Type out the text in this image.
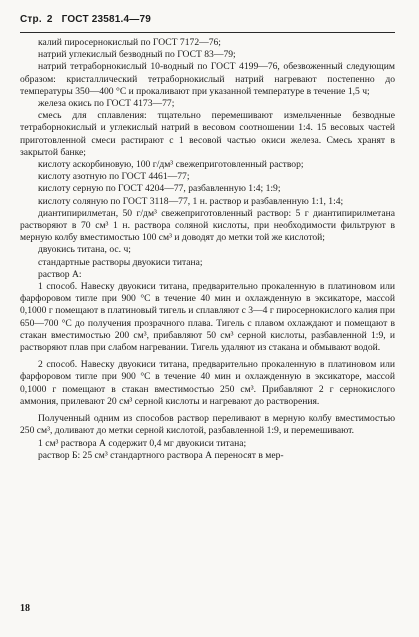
Стр. 2 ГОСТ 23581.4—79

калий пиросернокислый по ГОСТ 7172—76;

натрий углекислый безводный по ГОСТ 83—79;

натрий тетраборнокислый 10-водный по ГОСТ 4199—76, обезвоженный следующим образом: кристаллический тетраборнокислый натрий нагревают постепенно до температуры 350—400 °C и прокаливают при указанной температуре в течение 1,5 ч;

железа окись по ГОСТ 4173—77;

смесь для сплавления: тщательно перемешивают измельченные безводные тетраборнокислый и углекислый натрий в весовом соотношении 1:4. 15 весовых частей приготовленной смеси растирают с 1 весовой частью окиси железа. Смесь хранят в закрытой банке;

кислоту аскорбиновую, 100 г/дм³ свежеприготовленный раствор;

кислоту азотную по ГОСТ 4461—77;

кислоту серную по ГОСТ 4204—77, разбавленную 1:4; 1:9;

кислоту соляную по ГОСТ 3118—77, 1 н. раствор и разбавленную 1:1, 1:4;

диантипирилметан, 50 г/дм³ свежеприготовленный раствор: 5 г диантипирилметана растворяют в 70 см³ 1 н. раствора соляной кислоты, при необходимости фильтруют в мерную колбу вместимостью 100 см³ и доводят до метки той же кислотой;

двуокись титана, ос. ч;

стандартные растворы двуокиси титана;

раствор А:

1 способ. Навеску двуокиси титана, предварительно прокаленную в платиновом или фарфоровом тигле при 900 °C в течение 40 мин и охлажденную в эксикаторе, массой 0,1000 г помещают в платиновый тигель и сплавляют с 3—4 г пиросернокислого калия при 650—700 °C до получения прозрачного плава. Тигель с плавом охлаждают и помещают в стакан вместимостью 200 см³, прибавляют 50 см³ серной кислоты, разбавленной 1:9, и растворяют плав при слабом нагревании. Тигель удаляют из стакана и обмывают водой.

2 способ. Навеску двуокиси титана, предварительно прокаленную в платиновом или фарфоровом тигле при 900 °C в течение 40 мин и охлажденную в эксикаторе, массой 0,1000 г помещают в стакан вместимостью 250 см³. Прибавляют 2 г сернокислого аммония, прилевают 20 см³ серной кислоты и нагревают до растворения.

Полученный одним из способов раствор переливают в мерную колбу вместимостью 250 см³, доливают до метки серной кислотой, разбавленной 1:9, и перемешивают.

1 см³ раствора А содержит 0,4 мг двуокиси титана;

раствор Б: 25 см³ стандартного раствора А переносят в мер-

18
